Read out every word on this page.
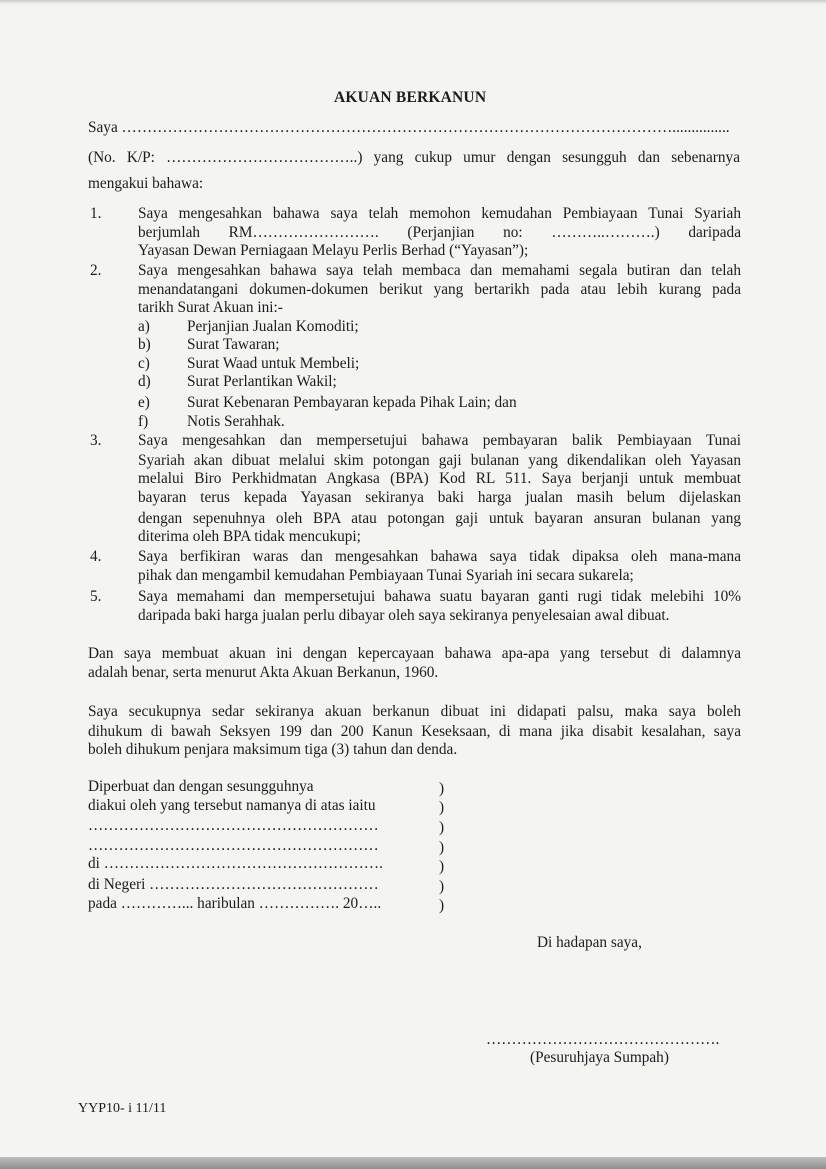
AKUAN BERKANUN
Saya ………………………………………………………………………………………………...............
(No. K/P: ………………………………..) yang cukup umur dengan sesungguh dan sebenarnya
mengakui bahawa:
1. Saya mengesahkan bahawa saya telah memohon kemudahan Pembiayaan Tunai Syariah
berjumlah RM……………………. (Perjanjian no: ………..……….) daripada
Yayasan Dewan Perniagaan Melayu Perlis Berhad (“Yayasan”);
2. Saya mengesahkan bahawa saya telah membaca dan memahami segala butiran dan telah
menandatangani dokumen-dokumen berikut yang bertarikh pada atau lebih kurang pada
tarikh Surat Akuan ini:-
a) Perjanjian Jualan Komoditi;
b) Surat Tawaran;
c) Surat Waad untuk Membeli;
d) Surat Perlantikan Wakil;
e) Surat Kebenaran Pembayaran kepada Pihak Lain; dan
f)	Notis Serahhak.
3. Saya mengesahkan dan mempersetujui bahawa pembayaran balik Pembiayaan Tunai
Syariah akan dibuat melalui skim potongan gaji bulanan yang dikendalikan oleh Yayasan
melalui Biro Perkhidmatan Angkasa (BPA) Kod RL 511. Saya berjanji untuk membuat
bayaran terus kepada Yayasan sekiranya baki harga jualan masih belum dijelaskan
dengan sepenuhnya oleh BPA atau potongan gaji untuk bayaran ansuran bulanan yang
diterima oleh BPA tidak mencukupi;
4. Saya berfikiran waras dan mengesahkan bahawa saya tidak dipaksa oleh mana-mana
pihak dan mengambil kemudahan Pembiayaan Tunai Syariah ini secara sukarela;
5. Saya memahami dan mempersetujui bahawa suatu bayaran ganti rugi tidak melebihi 10%
daripada baki harga jualan perlu dibayar oleh saya sekiranya penyelesaian awal dibuat.
Dan saya membuat akuan ini dengan kepercayaan bahawa apa-apa yang tersebut di dalamnya
adalah benar, serta menurut Akta Akuan Berkanun, 1960.
Saya secukupnya sedar sekiranya akuan berkanun dibuat ini didapati palsu, maka saya boleh
dihukum di bawah Seksyen 199 dan 200 Kanun Keseksaan, di mana jika disabit kesalahan, saya
boleh dihukum penjara maksimum tiga (3) tahun dan denda.
Diperbuat dan dengan sesungguhnya
diakui oleh yang tersebut namanya di atas iaitu
…………………………………………………
…………………………………………………
di ……………………………………………….
di Negeri ………………………………………
pada …………... haribulan ……………. 20…..
)
)
)
)
)
)
)
Di hadapan saya,
……………………………………….
(Pesuruhjaya Sumpah)
YYP10- i 11/11
